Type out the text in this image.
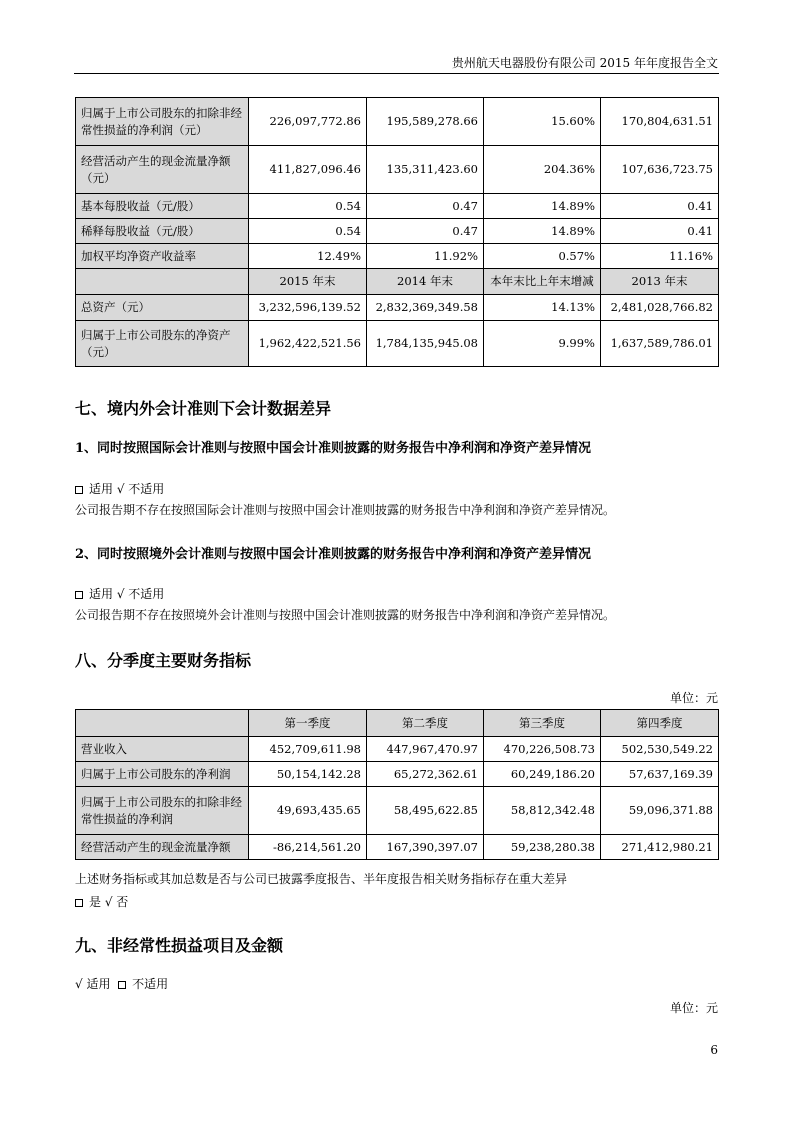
贵州航天电器股份有限公司 2015 年年度报告全文
归属于上市公司股东的扣除非经常性损益的净利润（元）	226,097,772.86	195,589,278.66	15.60%	170,804,631.51
经营活动产生的现金流量净额（元）	411,827,096.46	135,311,423.60	204.36%	107,636,723.75
基本每股收益（元/股）	0.54	0.47	14.89%	0.41
稀释每股收益（元/股）	0.54	0.47	14.89%	0.41
加权平均净资产收益率	12.49%	11.92%	0.57%	11.16%
	2015 年末	2014 年末	本年末比上年末增减	2013 年末
总资产（元）	3,232,596,139.52	2,832,369,349.58	14.13%	2,481,028,766.82
归属于上市公司股东的净资产（元）	1,962,422,521.56	1,784,135,945.08	9.99%	1,637,589,786.01
七、境内外会计准则下会计数据差异
1、同时按照国际会计准则与按照中国会计准则披露的财务报告中净利润和净资产差异情况
适用 √ 不适用
公司报告期不存在按照国际会计准则与按照中国会计准则披露的财务报告中净利润和净资产差异情况。
2、同时按照境外会计准则与按照中国会计准则披露的财务报告中净利润和净资产差异情况
适用 √ 不适用
公司报告期不存在按照境外会计准则与按照中国会计准则披露的财务报告中净利润和净资产差异情况。
八、分季度主要财务指标
单位：元
	第一季度	第二季度	第三季度	第四季度
营业收入	452,709,611.98	447,967,470.97	470,226,508.73	502,530,549.22
归属于上市公司股东的净利润	50,154,142.28	65,272,362.61	60,249,186.20	57,637,169.39
归属于上市公司股东的扣除非经常性损益的净利润	49,693,435.65	58,495,622.85	58,812,342.48	59,096,371.88
经营活动产生的现金流量净额	-86,214,561.20	167,390,397.07	59,238,280.38	271,412,980.21
上述财务指标或其加总数是否与公司已披露季度报告、半年度报告相关财务指标存在重大差异
是 √ 否
九、非经常性损益项目及金额
√ 适用 不适用
单位：元
6
